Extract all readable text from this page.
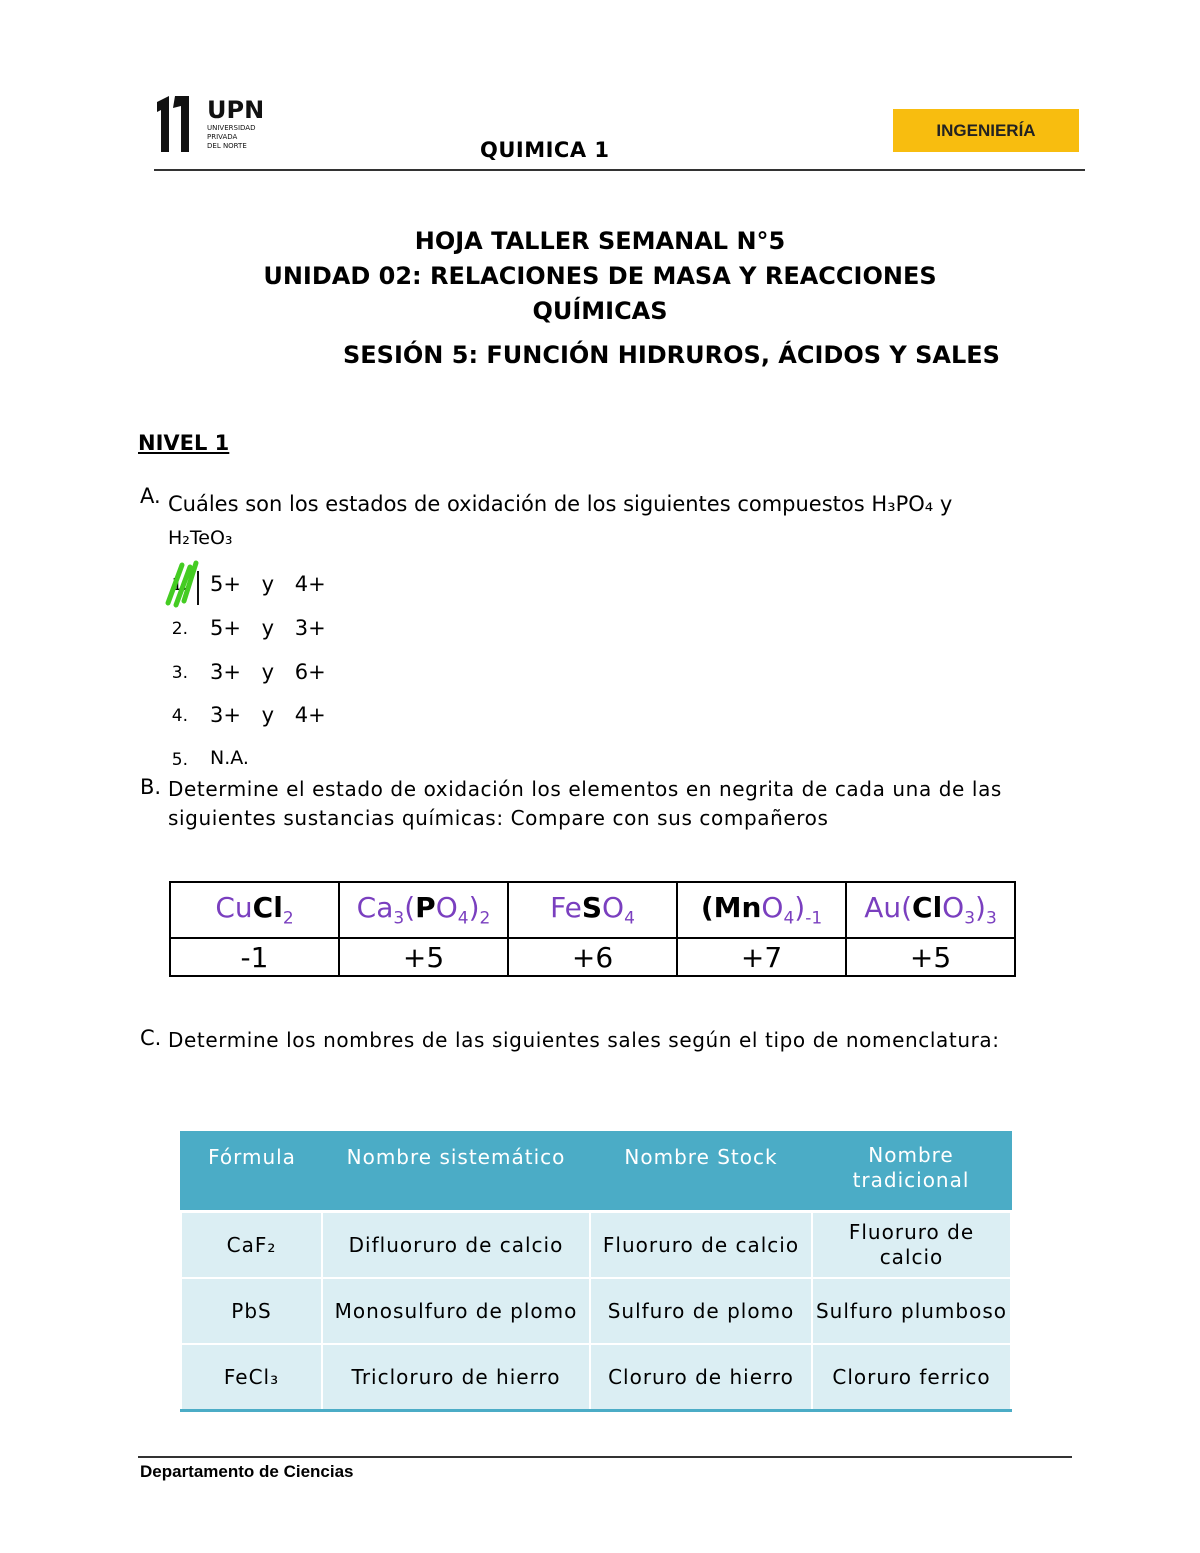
UPN
UNIVERSIDAD
PRIVADA
DEL NORTE	QUIMICA 1
INGENIERÍA
HOJA TALLER SEMANAL N°5
UNIDAD 02: RELACIONES DE MASA Y REACCIONES
QUÍMICAS
SESIÓN 5: FUNCIÓN HIDRUROS, ÁCIDOS Y SALES
NIVEL 1
A. Cuáles son los estados de oxidación de los siguientes compuestos H₃PO₄ y
H₂TeO₃
1. 5+ y 4+
2. 5+ y 3+
3. 3+ y 6+
4. 3+ y 4+
5. N.A.
B. Determine el estado de oxidación los elementos en negrita de cada una de las siguientes sustancias químicas: Compare con sus compañeros
CuCl$_2$	$Ca_3(PO_4)_2$	FeSO$_4$	$(MnO_4)_{-1}$	$Au(ClO_3)_3$
-1	+5	+6	+7	+5
C. Determine los nombres de las siguientes sales según el tipo de nomenclatura:
Fórmula	Nombre sistemático	Nombre Stock	Nombre tradicional
CaF₂	Difluoruro de calcio	Fluoruro de calcio	Fluoruro de calcio
PbS	Monosulfuro de plomo	Sulfuro de plomo	Sulfuro plumboso
FeCl₃	Tricloruro de hierro	Cloruro de hierro	Cloruro ferrico
Departamento de Ciencias
